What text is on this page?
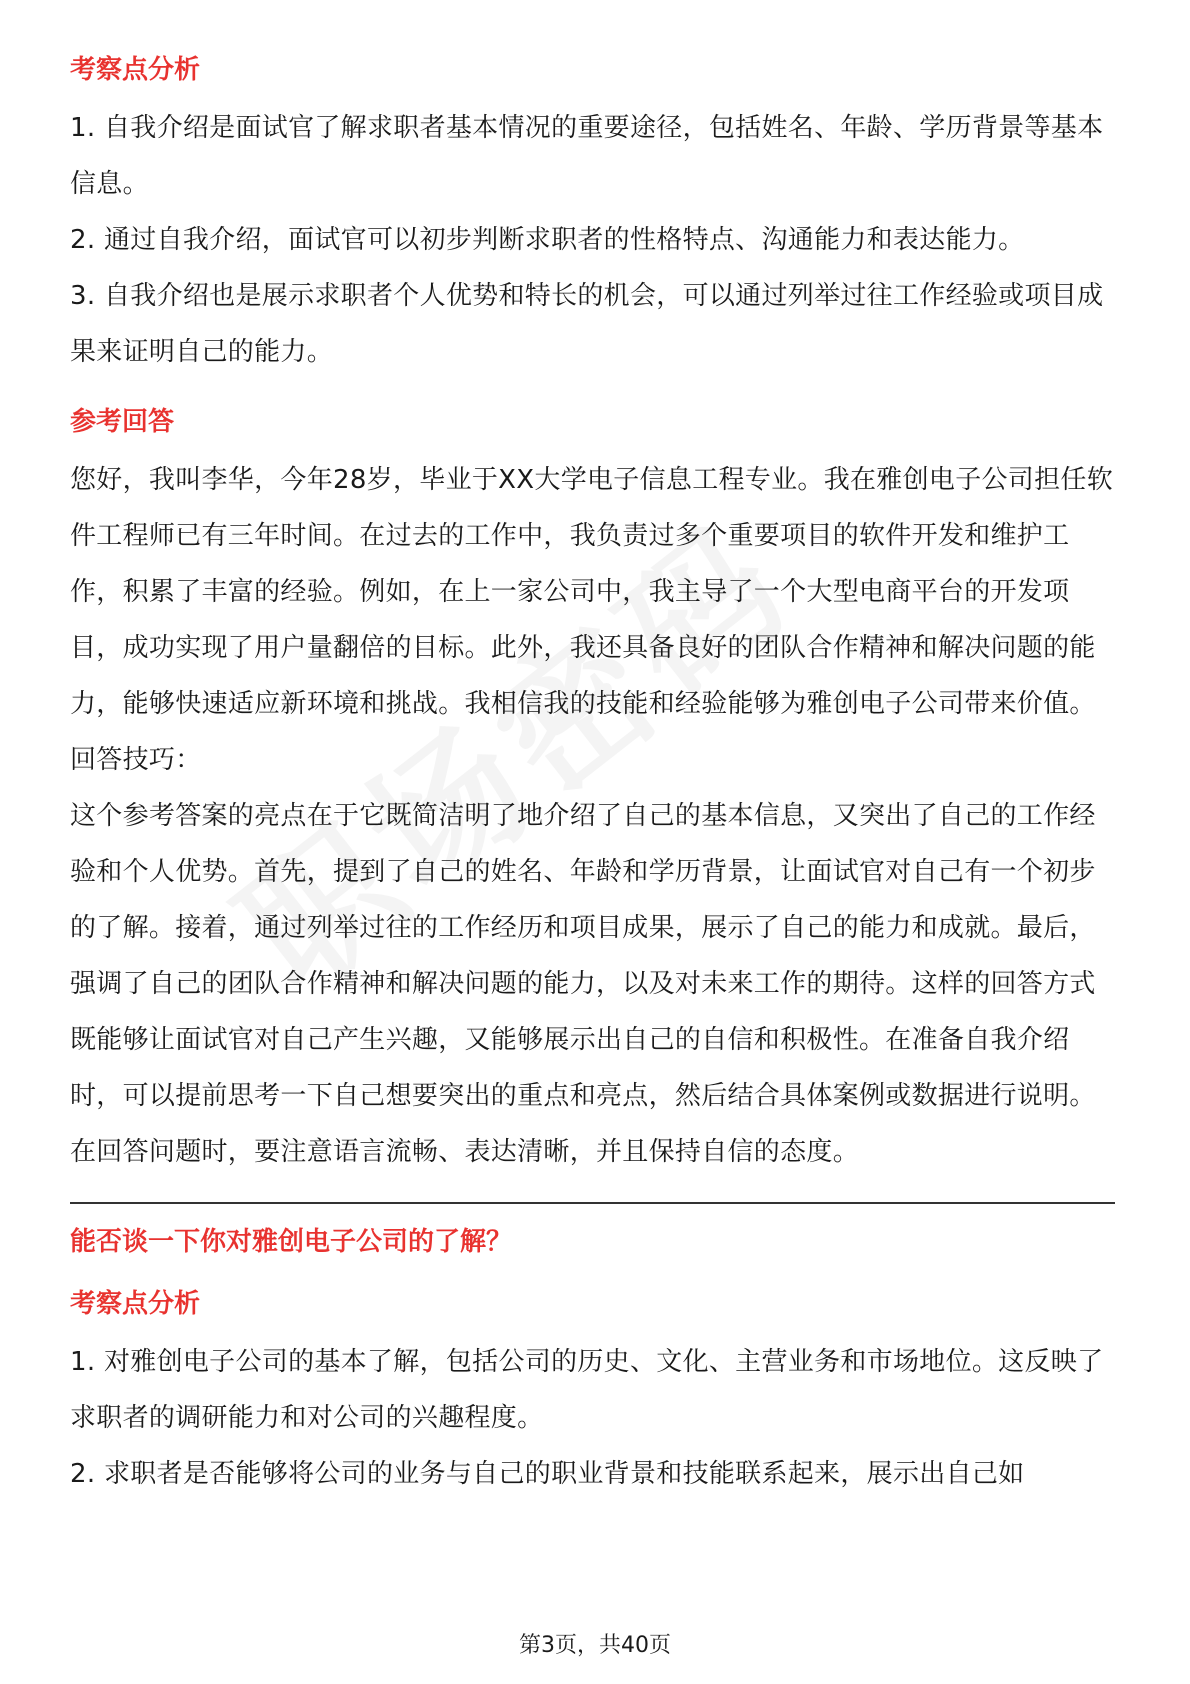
考察点分析

1. 自我介绍是面试官了解求职者基本情况的重要途径，包括姓名、年龄、学历背景等基本信息。

2. 通过自我介绍，面试官可以初步判断求职者的性格特点、沟通能力和表达能力。

3. 自我介绍也是展示求职者个人优势和特长的机会，可以通过列举过往工作经验或项目成果来证明自己的能力。

参考回答

您好，我叫李华，今年28岁，毕业于XX大学电子信息工程专业。我在雅创电子公司担任软件工程师已有三年时间。在过去的工作中，我负责过多个重要项目的软件开发和维护工作，积累了丰富的经验。例如，在上一家公司中，我主导了一个大型电商平台的开发项目，成功实现了用户量翻倍的目标。此外，我还具备良好的团队合作精神和解决问题的能力，能够快速适应新环境和挑战。我相信我的技能和经验能够为雅创电子公司带来价值。

回答技巧：

这个参考答案的亮点在于它既简洁明了地介绍了自己的基本信息，又突出了自己的工作经验和个人优势。首先，提到了自己的姓名、年龄和学历背景，让面试官对自己有一个初步的了解。接着，通过列举过往的工作经历和项目成果，展示了自己的能力和成就。最后，强调了自己的团队合作精神和解决问题的能力，以及对未来工作的期待。这样的回答方式既能够让面试官对自己产生兴趣，又能够展示出自己的自信和积极性。在准备自我介绍时，可以提前思考一下自己想要突出的重点和亮点，然后结合具体案例或数据进行说明。在回答问题时，要注意语言流畅、表达清晰，并且保持自信的态度。

能否谈一下你对雅创电子公司的了解？

考察点分析

1. 对雅创电子公司的基本了解，包括公司的历史、文化、主营业务和市场地位。这反映了求职者的调研能力和对公司的兴趣程度。

2. 求职者是否能够将公司的业务与自己的职业背景和技能联系起来，展示出自己如

第3页，共40页
